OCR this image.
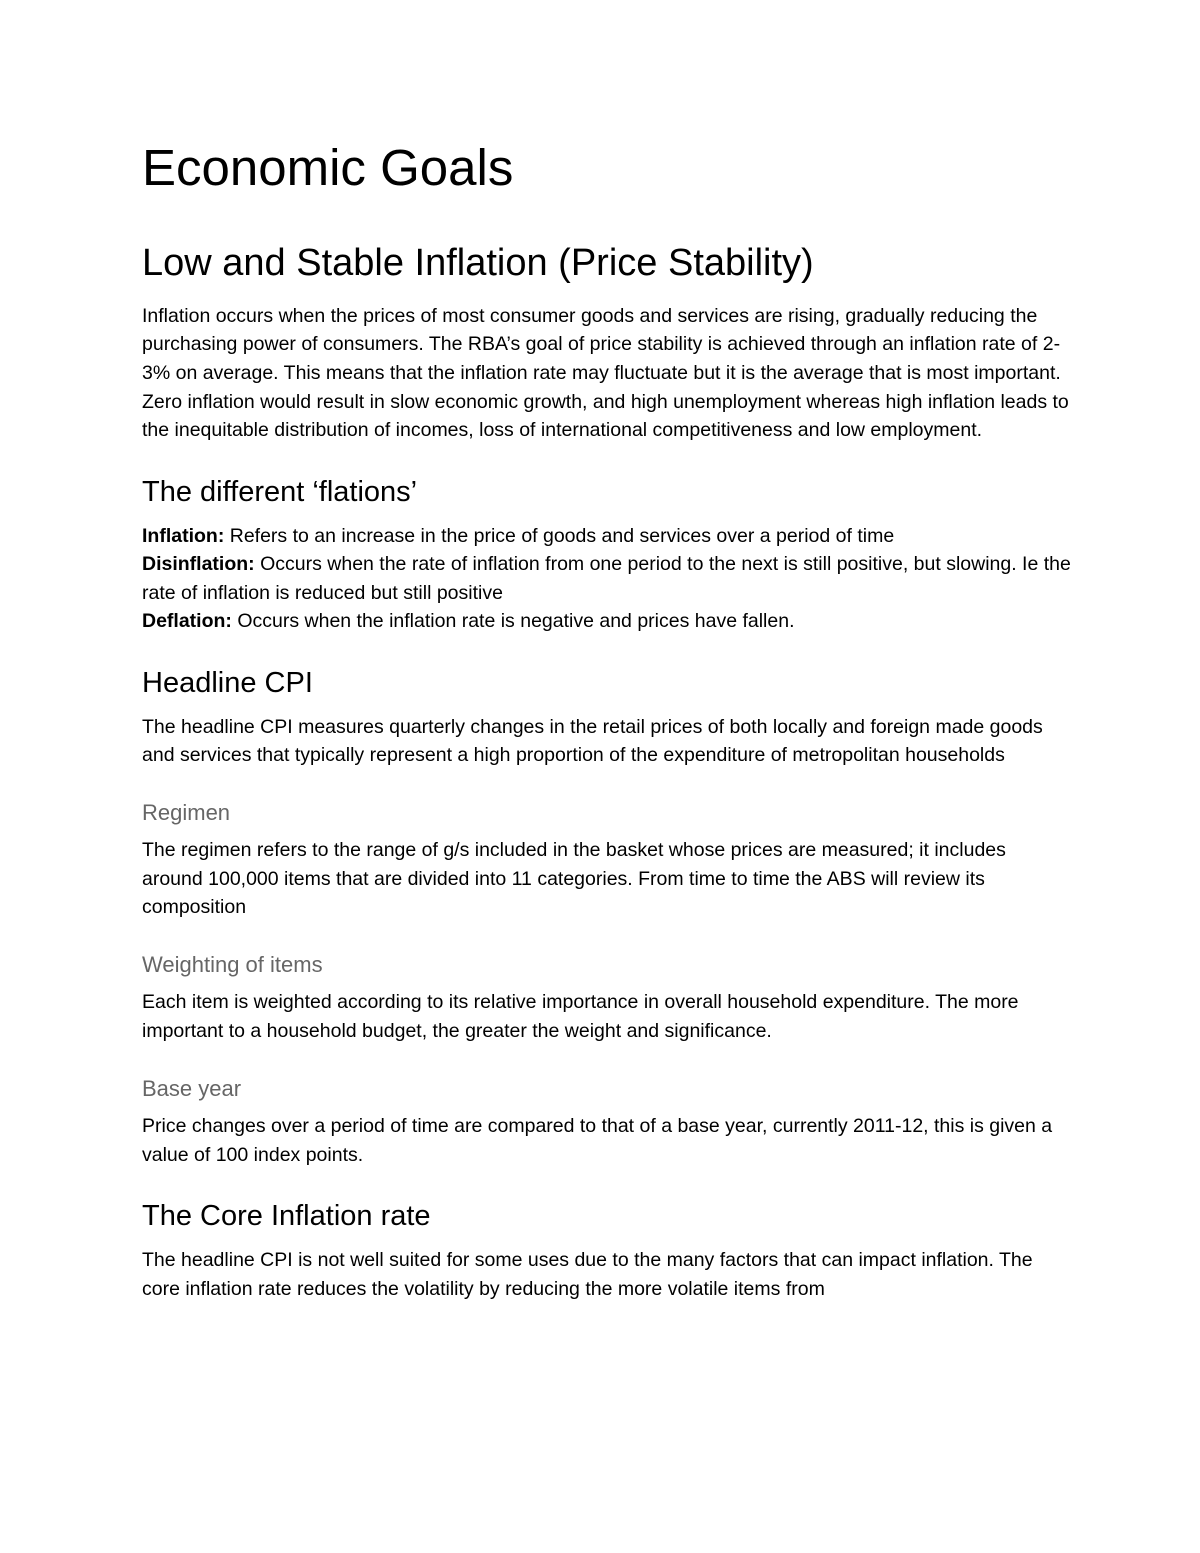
Economic Goals
Low and Stable Inflation (Price Stability)

Inflation occurs when the prices of most consumer goods and services are rising, gradually reducing the purchasing power of consumers. The RBA’s goal of price stability is achieved through an inflation rate of 2-3% on average. This means that the inflation rate may fluctuate but it is the average that is most important. Zero inflation would result in slow economic growth, and high unemployment whereas high inflation leads to the inequitable distribution of incomes, loss of international competitiveness and low employment.

The different ‘flations’
Inflation: Refers to an increase in the price of goods and services over a period of time
Disinflation: Occurs when the rate of inflation from one period to the next is still positive, but slowing. Ie the rate of inflation is reduced but still positive
Deflation: Occurs when the inflation rate is negative and prices have fallen.
Headline CPI

The headline CPI measures quarterly changes in the retail prices of both locally and foreign made goods and services that typically represent a high proportion of the expenditure of metropolitan households

Regimen

The regimen refers to the range of g/s included in the basket whose prices are measured; it includes around 100,000 items that are divided into 11 categories. From time to time the ABS will review its composition

Weighting of items

Each item is weighted according to its relative importance in overall household expenditure. The more important to a household budget, the greater the weight and significance.

Base year

Price changes over a period of time are compared to that of a base year, currently 2011-12, this is given a value of 100 index points.

The Core Inflation rate

The headline CPI is not well suited for some uses due to the many factors that can impact inflation. The core inflation rate reduces the volatility by reducing the more volatile items from
